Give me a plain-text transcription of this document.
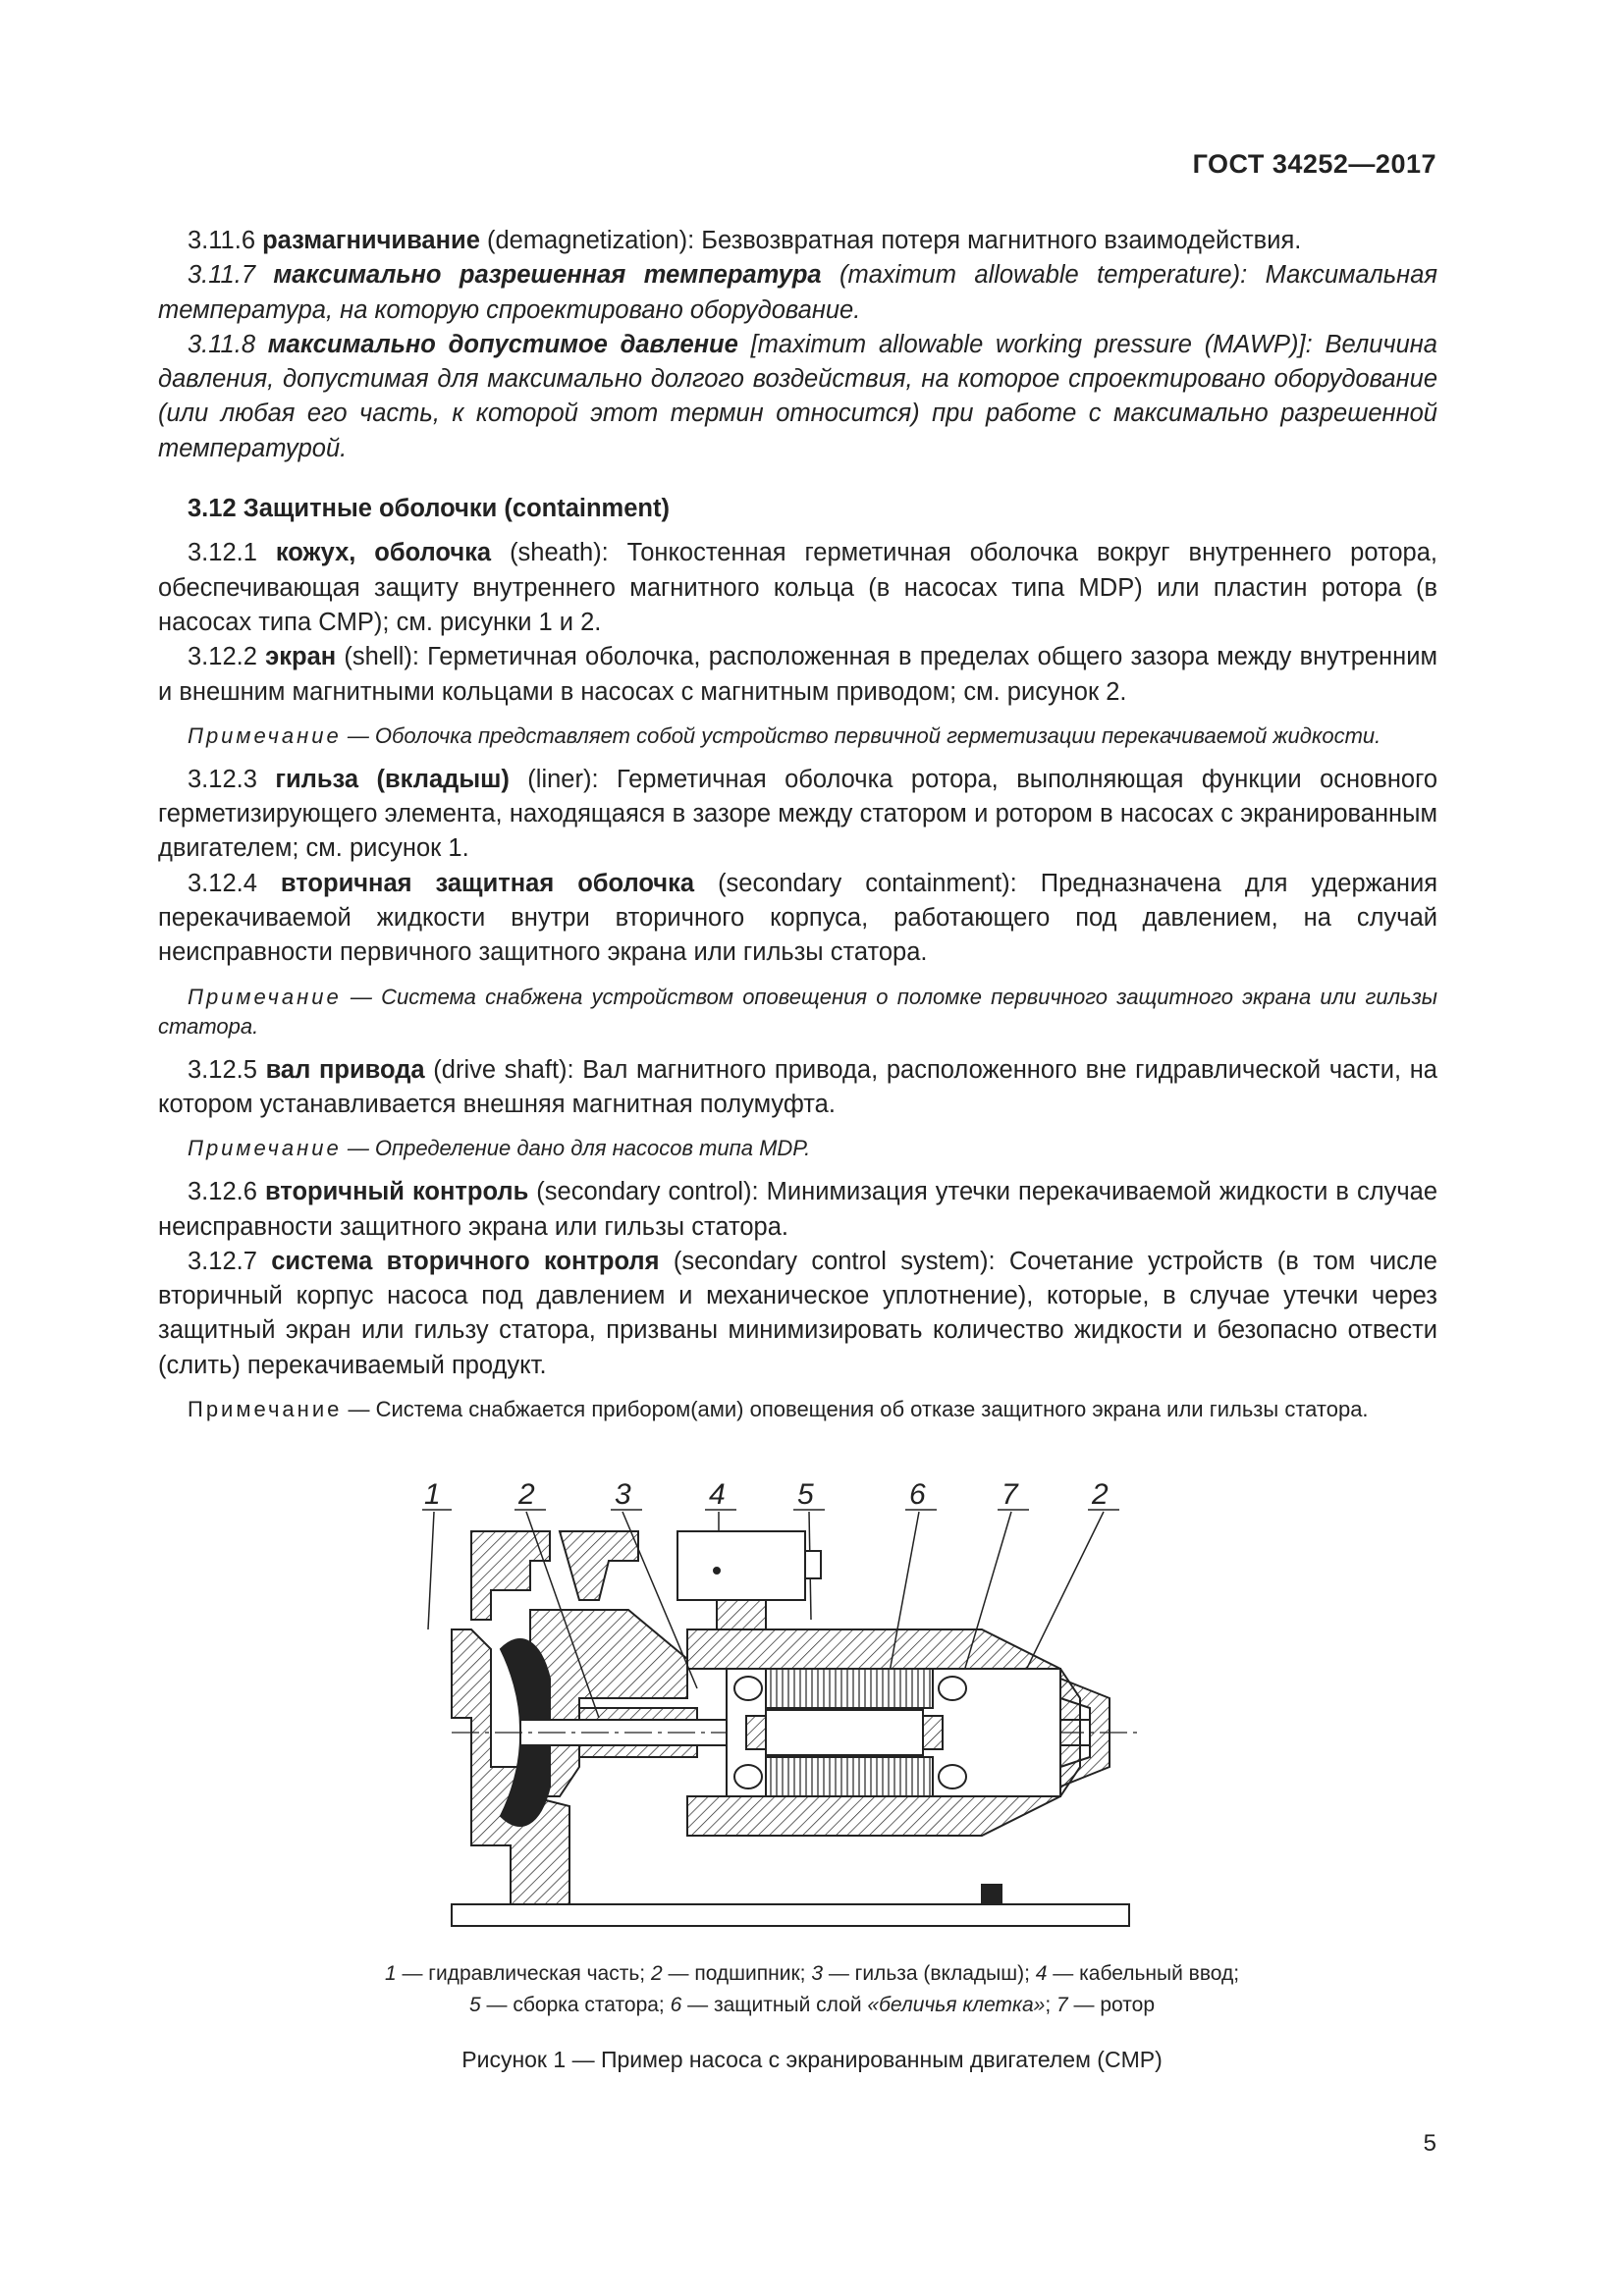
ГОСТ 34252—2017

3.11.6 размагничивание (demagnetization): Безвозвратная потеря магнитного взаимодействия.

3.11.7 максимально разрешенная температура (maximum allowable temperature): Максимальная температура, на которую спроектировано оборудование.

3.11.8 максимально допустимое давление [maximum allowable working pressure (MAWP)]: Величина давления, допустимая для максимально долгого воздействия, на которое спроектировано оборудование (или любая его часть, к которой этот термин относится) при работе с максимально разрешенной температурой.

3.12 Защитные оболочки (containment)

3.12.1 кожух, оболочка (sheath): Тонкостенная герметичная оболочка вокруг внутреннего ротора, обеспечивающая защиту внутреннего магнитного кольца (в насосах типа MDP) или пластин ротора (в насосах типа CMP); см. рисунки 1 и 2.

3.12.2 экран (shell): Герметичная оболочка, расположенная в пределах общего зазора между внутренним и внешним магнитными кольцами в насосах с магнитным приводом; см. рисунок 2.

Примечание — Оболочка представляет собой устройство первичной герметизации перекачиваемой жидкости.

3.12.3 гильза (вкладыш) (liner): Герметичная оболочка ротора, выполняющая функции основного герметизирующего элемента, находящаяся в зазоре между статором и ротором в насосах с экранированным двигателем; см. рисунок 1.

3.12.4 вторичная защитная оболочка (secondary containment): Предназначена для удержания перекачиваемой жидкости внутри вторичного корпуса, работающего под давлением, на случай неисправности первичного защитного экрана или гильзы статора.

Примечание — Система снабжена устройством оповещения о поломке первичного защитного экрана или гильзы статора.

3.12.5 вал привода (drive shaft): Вал магнитного привода, расположенного вне гидравлической части, на котором устанавливается внешняя магнитная полумуфта.

Примечание — Определение дано для насосов типа MDP.

3.12.6 вторичный контроль (secondary control): Минимизация утечки перекачиваемой жидкости в случае неисправности защитного экрана или гильзы статора.

3.12.7 система вторичного контроля (secondary control system): Сочетание устройств (в том числе вторичный корпус насоса под давлением и механическое уплотнение), которые, в случае утечки через защитный экран или гильзу статора, призваны минимизировать количество жидкости и безопасно отвести (слить) перекачиваемый продукт.

Примечание — Система снабжается прибором(ами) оповещения об отказе защитного экрана или гильзы статора.

1	2	3	4 5	6	7	2
1 — гидравлическая часть; 2 — подшипник; 3 — гильза (вкладыш); 4 — кабельный ввод;
5 — сборка статора; 6 — защитный слой «беличья клетка»; 7 — ротор
Рисунок 1 — Пример насоса с экранированным двигателем (CMP)
5
